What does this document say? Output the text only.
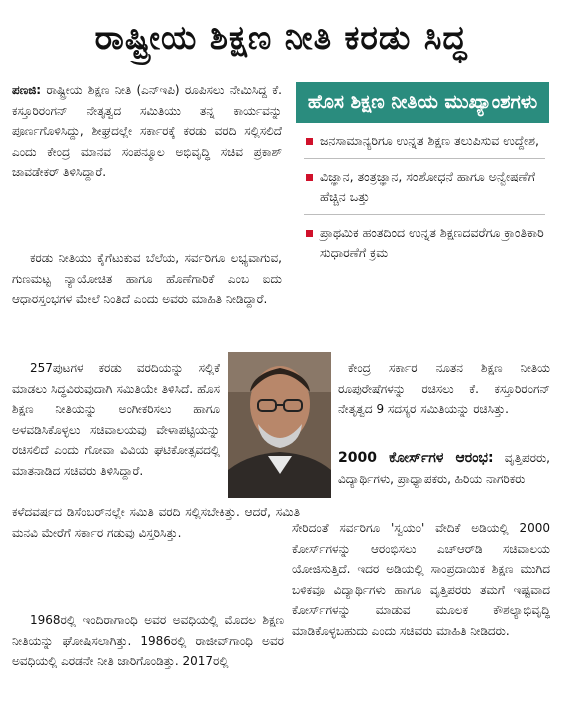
ರಾಷ್ಟ್ರೀಯ ಶಿಕ್ಷಣ ನೀತಿ ಕರಡು ಸಿದ್ಧ

ಪಣಜಿ: ರಾಷ್ಟ್ರೀಯ ಶಿಕ್ಷಣ ನೀತಿ (ಎನ್‌ಇಪಿ) ರೂಪಿಸಲು ನೇಮಿಸಿದ್ದ ಕೆ. ಕಸ್ತೂರಿರಂಗನ್ ನೇತೃತ್ವದ ಸಮಿತಿಯು ತನ್ನ ಕಾರ್ಯವನ್ನು ಪೂರ್ಣಗೊಳಿಸಿದ್ದು, ಶೀಘ್ರದಲ್ಲೇ ಸರ್ಕಾರಕ್ಕೆ ಕರಡು ವರದಿ ಸಲ್ಲಿಸಲಿದೆ ಎಂದು ಕೇಂದ್ರ ಮಾನವ ಸಂಪನ್ಮೂಲ ಅಭಿವೃದ್ಧಿ ಸಚಿವ ಪ್ರಕಾಶ್ ಜಾವಡೇಕರ್ ತಿಳಿಸಿದ್ದಾರೆ.

ಕರಡು ನೀತಿಯು ಕೈಗೆಟುಕುವ ಬೆಲೆಯ, ಸರ್ವರಿಗೂ ಲಭ್ಯವಾಗುವ, ಗುಣಮಟ್ಟ ನ್ಯಾಯೋಚಿತ ಹಾಗೂ ಹೊಣೆಗಾರಿಕೆ ಎಂಬ ಐದು ಆಧಾರಸ್ತಂಭಗಳ ಮೇಲೆ ನಿಂತಿದೆ ಎಂದು ಅವರು ಮಾಹಿತಿ ನೀಡಿದ್ದಾರೆ.

ಹೊಸ ಶಿಕ್ಷಣ ನೀತಿಯ ಮುಖ್ಯಾಂಶಗಳು
ಜನಸಾಮಾನ್ಯರಿಗೂ ಉನ್ನತ ಶಿಕ್ಷಣ ತಲುಪಿಸುವ ಉದ್ದೇಶ,
ವಿಜ್ಞಾನ, ತಂತ್ರಜ್ಞಾನ, ಸಂಶೋಧನೆ ಹಾಗೂ ಅನ್ವೇಷಣೆಗೆ ಹೆಚ್ಚಿನ ಒತ್ತು
ಪ್ರಾಥಮಿಕ ಹಂತದಿಂದ ಉನ್ನತ ಶಿಕ್ಷಣದವರೆಗೂ ಕ್ರಾಂತಿಕಾರಿ ಸುಧಾರಣೆಗೆ ಕ್ರಮ

257ಪುಟಗಳ ಕರಡು ವರದಿಯನ್ನು ಸಲ್ಲಿಕೆ ಮಾಡಲು ಸಿದ್ಧವಿರುವುದಾಗಿ ಸಮಿತಿಯೇ ತಿಳಿಸಿದೆ. ಹೊಸ ಶಿಕ್ಷಣ ನೀತಿಯನ್ನು ಅಂಗೀಕರಿಸಲು ಹಾಗೂ ಅಳವಡಿಸಿಕೊಳ್ಳಲು ಸಚಿವಾಲಯವು ವೇಳಾಪಟ್ಟಿಯನ್ನು ರಚಿಸಲಿದೆ ಎಂದು ಗೋವಾ ವಿವಿಯ ಘಟಿಕೋತ್ಸವದಲ್ಲಿ ಮಾತನಾಡಿದ ಸಚಿವರು ತಿಳಿಸಿದ್ದಾರೆ.

ಕಳೆದವರ್ಷದ ಡಿಸೆಂಬರ್‌ನಲ್ಲೇ ಸಮಿತಿ ವರದಿ ಸಲ್ಲಿಸಬೇಕಿತ್ತು. ಆದರೆ, ಸಮಿತಿ ಮನವಿ ಮೇರೆಗೆ ಸರ್ಕಾರ ಗಡುವು ವಿಸ್ತರಿಸಿತ್ತು.

1968ರಲ್ಲಿ ಇಂದಿರಾಗಾಂಧಿ ಅವರ ಅವಧಿಯಲ್ಲಿ ಮೊದಲ ಶಿಕ್ಷಣ ನೀತಿಯನ್ನು ಘೋಷಿಸಲಾಗಿತ್ತು. 1986ರಲ್ಲಿ ರಾಜೀವ್‌ಗಾಂಧಿ ಅವರ ಅವಧಿಯಲ್ಲಿ ಎರಡನೇ ನೀತಿ ಜಾರಿಗೊಂಡಿತ್ತು. 2017ರಲ್ಲಿ

ಕೇಂದ್ರ ಸರ್ಕಾರ ನೂತನ ಶಿಕ್ಷಣ ನೀತಿಯ ರೂಪುರೇಷೆಗಳನ್ನು ರಚಿಸಲು ಕೆ. ಕಸ್ತೂರಿರಂಗನ್ ನೇತೃತ್ವದ 9 ಸದಸ್ಯರ ಸಮಿತಿಯನ್ನು ರಚಿಸಿತ್ತು.

2000 ಕೋರ್ಸ್‌ಗಳ ಆರಂಭ: ವೃತ್ತಿಪರರು, ವಿದ್ಯಾರ್ಥಿಗಳು, ಪ್ರಾಧ್ಯಾಪಕರು, ಹಿರಿಯ ನಾಗರಿಕರು

ಸೇರಿದಂತೆ ಸರ್ವರಿಗೂ 'ಸ್ವಯಂ' ವೇದಿಕೆ ಅಡಿಯಲ್ಲಿ 2000 ಕೋರ್ಸ್‌ಗಳನ್ನು ಆರಂಭಿಸಲು ಎಚ್‌ಆರ್‌ಡಿ ಸಚಿವಾಲಯ ಯೋಜಿಸುತ್ತಿದೆ. ಇದರ ಅಡಿಯಲ್ಲಿ ಸಾಂಪ್ರದಾಯಿಕ ಶಿಕ್ಷಣ ಮುಗಿದ ಬಳಿಕವೂ ವಿದ್ಯಾರ್ಥಿಗಳು ಹಾಗೂ ವೃತ್ತಿಪರರು ತಮಗೆ ಇಷ್ಟವಾದ ಕೋರ್ಸ್‌ಗಳನ್ನು ಮಾಡುವ ಮೂಲಕ ಕೌಶಲ್ಯಾಭಿವೃದ್ಧಿ ಮಾಡಿಕೊಳ್ಳಬಹುದು ಎಂದು ಸಚಿವರು ಮಾಹಿತಿ ನೀಡಿದರು.
